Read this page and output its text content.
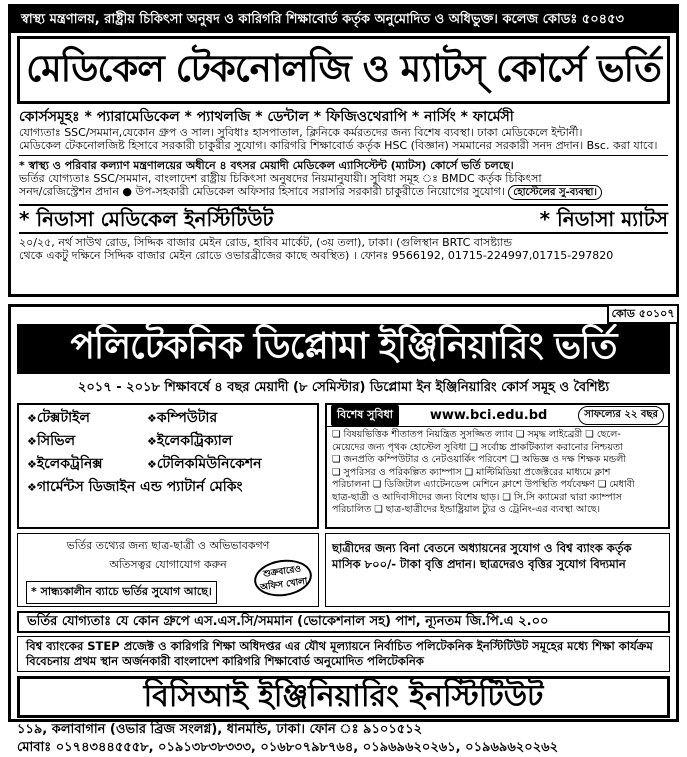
স্বাস্থ্য মন্ত্রণালয়, রাষ্ট্রীয় চিকিৎসা অনুষদ ও কারিগরি শিক্ষাবোর্ড কর্তৃক অনুমোদিত ও অধিভুক্ত। কলেজ কোডঃ ৫০৪৫৩
মেডিকেল টেকনোলজি ও ম্যাটস্ কোর্সে ভর্তি
কোর্সসমূহঃ * প্যারামেডিকেল * প্যাথলজি * ডেন্টাল * ফিজিওথেরাপি * নার্সিং * ফার্মেসী
যোগ্যতাঃ SSC/সমমান,যেকোন গ্রুপ ও সাল। সুবিধাঃ হাসপাতাল, ক্লিনিকে কর্মরতদের জন্য বিশেষ ব্যবস্থা। ঢাকা মেডিকেলে ইন্টার্নী।
মেডিকেল টেকনোলজিষ্ট হিসাবে সরকারী চাকুরীর সুযোগ। কারিগরি শিক্ষাবোর্ড কর্তৃক HSC (বিজ্ঞান) সমমানের সরকারী সনদ প্রদান। Bsc. করা যাবে।
* স্বাস্থ্য ও পরিবার কল্যাণ মন্ত্রণালয়ের অধীনে ৪ বৎসর মেয়াদী মেডিকেল এ্যাসিস্টেন্ট (ম্যাটস) কোর্সে ভর্তি চলছে।
ভর্তির যোগ্যতাঃ SSC/সমমান, বাংলাদেশ রাষ্ট্রীয় চিকিৎসা অনুষদের নিয়মানুযায়ী। সুবিধা সমূহ ঃ BMDC কর্তৃক চিকিৎসা
সনদ/রেজিস্ট্রেশন প্রদান ● উপ-সহকারী মেডিকেল অফিসার হিসাবে সরাসরি সরকারী চাকুরীতে নিয়োগের সুযোগ। হোস্টেলের সু-ব্যবস্থা।
* নিডাসা মেডিকেল ইনস্টিটিউট	* নিডাসা ম্যাটস
২০/২৫, নর্থ সাউথ রোড, সিদ্দিক বাজার মেইন রোড, হাবিব মার্কেট, (৩য় তলা), ঢাকা। (গুলিস্থান BRTC বাসষ্ট্যান্ড
থেকে একটু দক্ষিনে সিদ্দিক বাজার মেইন রোডে ওভারব্রীজের কাছে অবস্থিত) । ফোনঃ 9566192, 01715-224997,01715-297820
কোড ৫০১০৭
পলিটেকনিক ডিপ্লোমা ইঞ্জিনিয়ারিং ভর্তি
২০১৭ - ২০১৮ শিক্ষাবর্ষে ৪ বছর মেয়াদী (৮ সেমিস্টার) ডিপ্লোমা ইন ইঞ্জিনিয়ারিং কোর্স সমূহ ও বৈশিষ্ট্য
❖ টেক্সটাইল	❖ কম্পিউটার
❖ সিভিল	❖ ইলেকট্রিক্যাল
❖ ইলেকট্রনিক্স	❖ টেলিকমিউনিকেশন
❖ গার্মেন্টস ডিজাইন এন্ড প্যাটার্ন মেকিং
বিশেষ সুবিধা	www.bci.edu.bd	সাফল্যের ২২ বছর
❏ বিষয়ভিত্তিক শীতাতপ নিয়ন্ত্রিত সুসজ্জিত ল্যাব ❏ সমৃদ্ধ লাইব্রেরী ❏ ছেলে-
মেয়েদের জন্য পৃথক হোস্টেল সুবিধা ❏ সর্বোচ্চ প্রাকটিক্যাল করানোর নিশ্চয়তা
❏ জনপ্রতি কম্পিউটার ও নেটওয়ার্কিং পরিবেশ ❏ অভিজ্ঞ ও দক্ষ শিক্ষক মন্ডলী
❏ সুপরিসর ও পরিকল্পিত ক্যাম্পাস ❏ মাল্টিমিডিয়া প্রজেক্টরের মাধ্যমে ক্লাশ
পরিচালনা ❏ ডিজিটাল এ্যাটেনডেন্স মেশিনে ক্লাশে উপস্থিতি পর্যবেক্ষণ ❏ মেধাবী
ছাত্র-ছাত্রী ও আদিবাসীদের জন্য বিশেষ ছাড়। ❏ সি.সি ক্যামেরা দ্বারা ক্যাম্পাস
পরিচালিত ❏ ছাত্র-ছাত্রীদের ইন্ডাষ্ট্রিয়াল ট্যুর ও ট্রেনিং-এর ব্যবস্থা আছে।
ভর্তির তথ্যের জন্য ছাত্র-ছাত্রী ও অভিভাবকগণ
অতিসত্বর যোগাযোগ করুন
* সান্ধ্যকালীন ব্যাচে ভর্তির সুযোগ আছে।
শুক্রবারেও অফিস খোলা
ছাত্রীদের জন্য বিনা বেতনে অধ্যায়নের সুযোগ ও বিশ্ব ব্যাংক কর্তৃক মাসিক ৮০০/- টাকা বৃত্তি প্রদান। ছাত্রদেরও বৃত্তির সুযোগ বিদ্যমান
ভর্তির যোগ্যতাঃ যে কোন গ্রুপে এস.এস.সি/সমমান (ভোকেশনাল সহ) পাশ, ন্যূনতম জি.পি.এ ২.০০
বিশ্ব ব্যাংকের STEP প্রজেক্ট ও কারিগরি শিক্ষা অধিদপ্তর এর যৌথ মূল্যায়নে নির্বাচিত পলিটেকনিক ইনস্টিটিউট সমূহের মধ্যে শিক্ষা কার্যক্রম বিবেচনায় প্রথম স্থান অর্জনকারী বাংলাদেশ কারিগরি শিক্ষাবোর্ড অনুমোদিত পলিটেকনিক
বিসিআই ইঞ্জিনিয়ারিং ইনস্টিটিউট
১১৯, কলাবাগান (ওভার ব্রিজ সংলগ্ন), ধানমন্ডি, ঢাকা। ফোন ঃ ৯১০১৫১২
মোবাঃ ০১৭৪৩৪৪৫৫৫৮, ০১৯১৩৮৩৮৩৩৩, ০১৬৮০৭৯৮৭৬৪, ০১৯৬৯৬২০২৬১, ০১৯৬৯৬২০২৬২
